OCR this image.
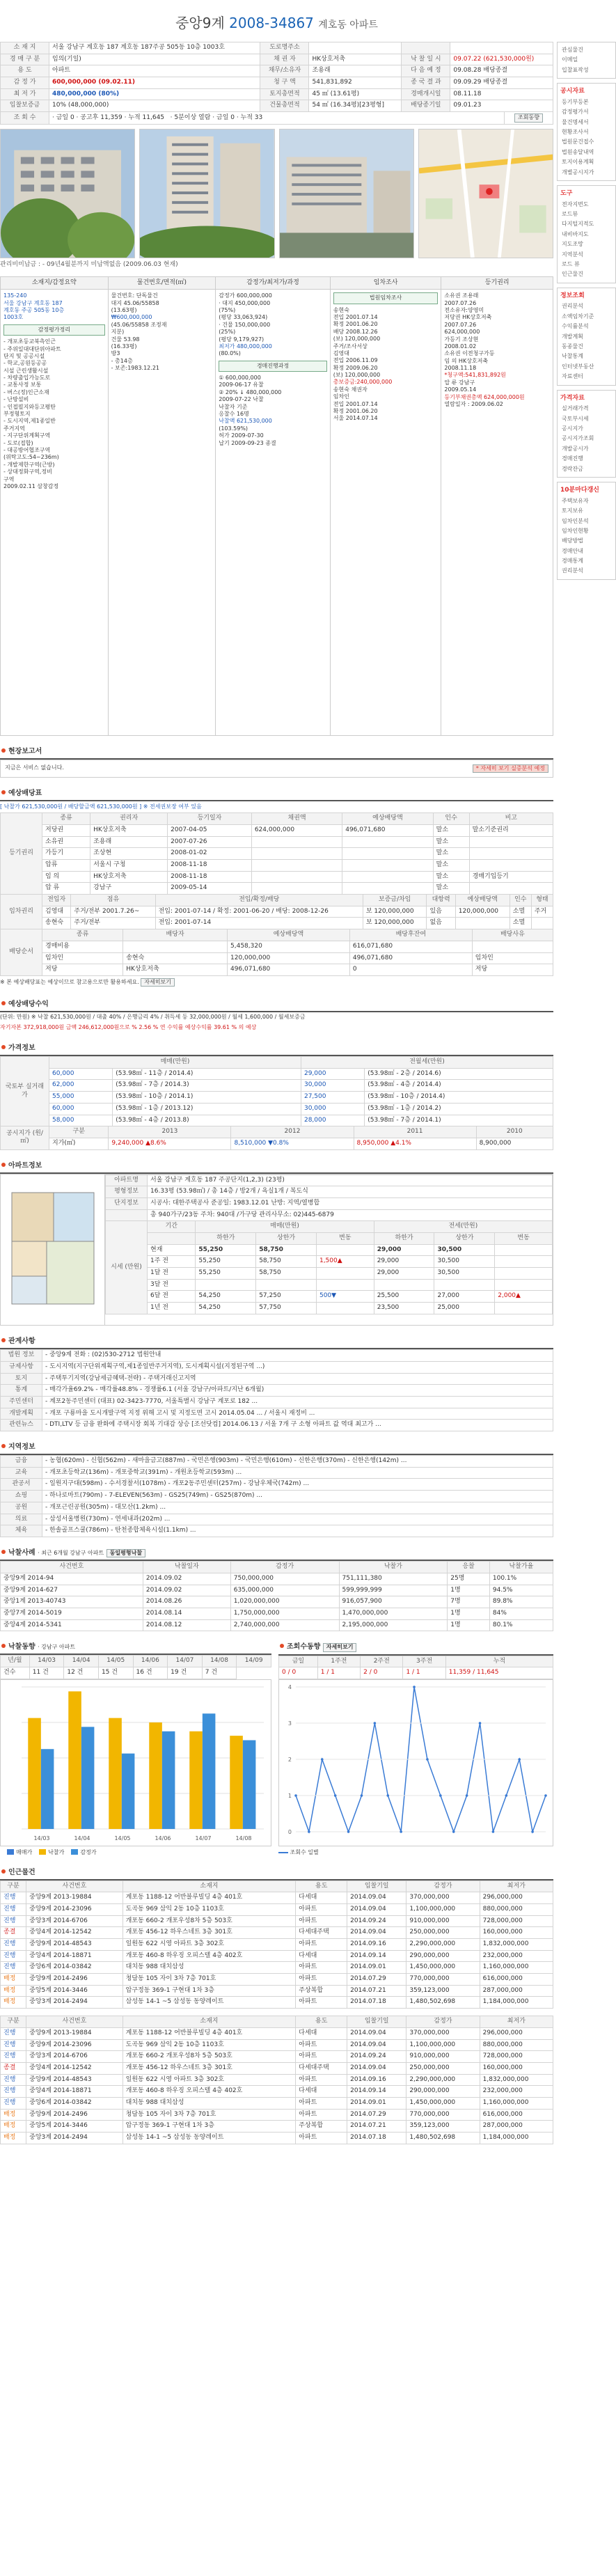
중앙9계 2008-34867 계호동 아파트
소 재 지	서울 강남구 계호동 187 계호동 187주공 505동 10층 1003호	도로명주소			
경 매 구 분	임의(기일)	채 권 자	HK상호저축	낙 찰 일 시	09.07.22 (621,530,000원)
용 도	아파트	채무/소유자	조용래	다 음 예 정	09.08.28 배당종결
감 정 가	600,000,000 (09.02.11)	청 구 액	541,831,892	종 국 결 과	09.09.29 배당종결
최 저 가	480,000,000 (80%)	토지총면적	45 ㎡ (13.61평)	경매개시일	08.11.18
입찰보증금	10% (48,000,000)	건물총면적	54 ㎡ (16.34평)[23평형]	배당종기일	09.01.23
조 회 수	· 금일 0 · 공고후 11,359 · 누적 11,645 · 5분이상 열람 · 금일 0 · 누적 33	조회동향
관리비미납금 : - 09년4월분까지 미납액없음 (2009.06.03 현재)
소재지/감정요약
135-240
서울 강남구 계호동 187
계호동 주공 505동 10층
1003호
감정평가정리
- 개포초등교북측인근
- 주위일대대단위아파트
단지 및 공공시설
- 학교,공원등공공
시설 근린생활시설
- 차량출입가능도로
- 교통사정 보통
- 버스(정)인근소재
- 난방설비
- 인접필지와등고평탄
부정형토지
- 도시지역,제1종일반
주거지역
- 지구단위계획구역
- 도로(접합)
- 대공방어협조구역
(위탁고도:54~236m)
- 개발제한구역(근방)
- 상대정화구역,정비
구역
2009.02.11 삼창감정
물건번호/면적(㎡)
물건번호: 단독물건
대지 45.06/55858
(13.63평)
₩600,000,000
(45.06/55858 조정재
지분)
건물 53.98
(16.33평)
방3
- 총14층
- 보존:1983.12.21
감정가/최저가/과정
감정가 600,000,000
· 대지 450,000,000
(75%)
(평당 33,063,924)
· 건물 150,000,000
(25%)
(평당 9,179,927)
최저가 480,000,000
(80.0%)
경매진행과정
① 600,000,000
2009-06-17 유찰
② 20% ↓ 480,000,000
2009-07-22 낙찰
낙찰자 기준
응찰수 16명
낙찰액 621,530,000
(103.59%)
허가 2009-07-30
납기 2009-09-23 종결
임차조사
법원임차조사
송현숙
전입 2001.07.14
확정 2001.06.20
배당 2008.12.26
(보) 120,000,000
주거/조사서상
김영대
전입 2006.11.09
확정 2009.06.20
(보) 120,000,000
총보증금:240,000,000
송현숙 채권자
임차인
전입 2001.07.14
확정 2001.06.20
서울 2014.07.14
등기권리
소유권 조용래
2007.07.26
전소유자:양영미
저당권 HK상호저축
2007.07.26
624,000,000
가등기 조상현
2008.01.02
소유권 이전청구가등
임 의 HK상호저축
2008.11.18
*청구액:541,831,892원
압 류 강남구
2009.05.14
등기부채권총액 624,000,000원
열람일자 : 2009.06.02
현장보고서
지금은 서비스 없습니다.	* 자세히 보기 실증분석 예정
예상배당표
[ 낙찰가 621,530,000원 / 배당할금액 621,530,000원 ] ※ 전세권보장 여부 있음
등기권리	종류	권리자	등기일자	채권액	예상배당액	인수	비고
	저당권	HK상호저축	2007-04-05	624,000,000	496,071,680	말소	말소기준권리
	소유권	조용래	2007-07-26			말소	
	가등기	조상현	2008-01-02			말소	
	압류	서울시 구청	2008-11-18			말소	
	임 의	HK상호저축	2008-11-18			말소	경매기입등기
	압 류	강남구	2009-05-14			말소	
임차권리	전입자	점유	전입/확정/배당	보증금/차임	대항력	예상배당액	인수	형태
	김영대	주거/전부 2001.7.26~	전입: 2001-07-14 / 확정: 2001-06-20 / 배당: 2008-12-26	보 120,000,000	있음	120,000,000	소멸	주거
	송현숙	주거/전부	전입: 2001-07-14	보 120,000,000	없음		소멸	
배당순서	종류	배당자	예상배당액	배당후잔여	배당사유
	경매비용		5,458,320	616,071,680	
	임차인	송현숙	120,000,000	496,071,680	임차인
	저당	HK상호저축	496,071,680	0	저당
※ 본 예상배당표는 예상이므로 참고용으로만 활용하세요. 자세히보기
예상배당수익
(단위: 만원) ※ 낙찰 621,530,000원 / 대출 40% / 은행금리 4% / 취득세 등 32,000,000원 / 월세 1,600,000 / 월세보증금
자기자본 372,918,000원 금액 246,612,000원으로 % 2.56 % 연 수익률 예상수익률 39.61 % 의 예상
가격정보
국토부 실거래가	매매(만원)		전월세(만원)	
	60,000	(53.98㎡ - 11층 / 2014.4)	29,000	(53.98㎡ - 2층 / 2014.6)
	62,000	(53.98㎡ - 7층 / 2014.3)	30,000	(53.98㎡ - 4층 / 2014.4)
	55,000	(53.98㎡ - 10층 / 2014.1)	27,500	(53.98㎡ - 10층 / 2014.4)
	60,000	(53.98㎡ - 1층 / 2013.12)	30,000	(53.98㎡ - 1층 / 2014.2)
	58,000	(53.98㎡ - 4층 / 2013.8)	28,000	(53.98㎡ - 7층 / 2014.1)
공시지가 (원/㎡)	구분	2013	2012	2011	2010
	지가(㎡)	9,240,000 ▲8.6%	8,510,000 ▼0.8%	8,950,000 ▲4.1%	8,900,000
아파트정보
아파트명	서울 강남구 계호동 187 주공단지(1,2,3) (23평)
평형정보	16.33평 (53.98㎡) / 총 14층 / 방2개 / 욕실1개 / 복도식
단지정보	시공사: 대한주택공사 준공일: 1983.12.01 난방: 지역/열병합
	총 940가구/23동 주차: 940대 /가구당 관리사무소: 02)445-6879
시세 (만원)	기간	매매(만원)			전세(만원)		
		하한가	상한가	변동	하한가	상한가	변동
	현재	55,250	58,750		29,000	30,500	
	1주 전	55,250	58,750	1,500▲	29,000	30,500	
	1달 전	55,250	58,750		29,000	30,500	
	3달 전						
	6달 전	54,250	57,250	500▼	25,500	27,000	2,000▲
	1년 전	54,250	57,750		23,500	25,000	
관계사항
법원 정보	- 중앙9계 전화 : (02)530-2712 법원안내
규제사항	- 도시지역(지구단위계획구역,제1종일반주거지역), 도시계획시설(지정된구역 ...)
토지	- 주택투기지역(강남세금혜택-전략) - 주택거래신고지역
통계	- 매각가율69.2% - 매각률48.8% - 경쟁률6.1 (서울 강남구/아파트/지난 6개월)
주민센터	- 계포2동주민센터 (대표) 02-3423-7770, 서울특별시 강남구 계포로 182 ...
개발계획	- 개포 구룡마을 도시개발구역 지정 위해 고시 및 지정도면 고시 2014.05.04 ... / 서울시 재정비 ...
관련뉴스	- DTI,LTV 등 금융 완화에 주택시장 회복 기대감 상승 [조선닷컴] 2014.06.13 / 서울 7개 구 소형 아파트 값 역대 최고가 ...
지역정보
금융	- 농협(620m) - 신협(562m) - 새마을금고(887m) - 국민은행(903m) - 국민은행(610m) - 신한은행(370m) - 신한은행(142m) ...
교육	- 개포초등학교(136m) - 개포중학교(391m) - 개원초등학교(593m) ...
관공서	- 일원지구대(598m) - 수서경찰서(1078m) - 개포2동주민센터(257m) - 강남우체국(742m) ...
쇼핑	- 하나로마트(790m) - 7-ELEVEN(563m) - GS25(749m) - GS25(870m) ...
공원	- 개포근린공원(305m) - 대모산(1.2km) ...
의료	- 삼성서울병원(730m) - 연세내과(202m) ...
체육	- 한솔골프스쿨(786m) - 탄천종합체육시설(1.1km) ...
낙찰사례 · 최근 6개월 강남구 아파트 동일평형낙찰
사건번호	낙찰일자	감정가	낙찰가	응찰	낙찰가율
중앙9계 2014-94	2014.09.02	750,000,000	751,111,380	25명	100.1%
중앙9계 2014-627	2014.09.02	635,000,000	599,999,999	1명	94.5%
중앙1계 2013-40743	2014.08.26	1,020,000,000	916,057,900	7명	89.8%
중앙7계 2014-5019	2014.08.14	1,750,000,000	1,470,000,000	1명	84%
중앙4계 2014-5341	2014.08.12	2,740,000,000	2,195,000,000	1명	80.1%
낙찰동향 · 강남구 아파트
년/월	14/03	14/04	14/05	14/06	14/07	14/08	14/09
건수	11 건	12 건	15 건	16 건	19 건	7 건	
14/03	14/04	14/05	14/06	14/07	14/08
매매가	낙찰가	감정가
조회수동향 자세히보기
금일	1주전	2주전	3주전	누적
0 / 0	1 / 1	2 / 0	1 / 1	11,359 / 11,645
0
1
2
3
4
조회수 일별
인근물건
구분	사건번호	소재지	용도	입찰기일	감정가	최저가
진행	중앙9계 2013-19884	계포동 1188-12 어반블루빌딩 4층 401호	다세대	2014.09.04	370,000,000	296,000,000
진행	중앙9계 2014-23096	도곡동 969 삼익 2동 10층 1103호	아파트	2014.09.04	1,100,000,000	880,000,000
진행	중앙3계 2014-6706	개포동 660-2 개포우성8차 5층 503호	아파트	2014.09.24	910,000,000	728,000,000
종결	중앙4계 2014-12542	개포동 456-12 하우스네트 3층 301호	다세대주택	2014.09.04	250,000,000	160,000,000
진행	중앙9계 2014-48543	일원동 622 시영 아파트 3층 302호	아파트	2014.09.16	2,290,000,000	1,832,000,000
진행	중앙4계 2014-18871	개포동 460-8 하우징 오피스텔 4층 402호	다세대	2014.09.14	290,000,000	232,000,000
진행	중앙6계 2014-03842	대치동 988 대치삼성	아파트	2014.09.01	1,450,000,000	1,160,000,000
배정	중앙9계 2014-2496	청담동 105 자이 3차 7층 701호	아파트	2014.07.29	770,000,000	616,000,000
배정	중앙5계 2014-3446	압구정동 369-1 구현대 1차 3층	주상복합	2014.07.21	359,123,000	287,000,000
배정	중앙3계 2014-2494	삼성동 14-1 ~5 삼성동 동양레이트	아파트	2014.07.18	1,480,502,698	1,184,000,000
구분	사건번호	소재지	용도	입찰기일	감정가	최저가
진행	중앙9계 2013-19884	계포동 1188-12 어반블루빌딩 4층 401호	다세대	2014.09.04	370,000,000	296,000,000
진행	중앙9계 2014-23096	도곡동 969 삼익 2동 10층 1103호	아파트	2014.09.04	1,100,000,000	880,000,000
진행	중앙3계 2014-6706	개포동 660-2 개포우성8차 5층 503호	아파트	2014.09.24	910,000,000	728,000,000
종결	중앙4계 2014-12542	개포동 456-12 하우스네트 3층 301호	다세대주택	2014.09.04	250,000,000	160,000,000
진행	중앙9계 2014-48543	일원동 622 시영 아파트 3층 302호	아파트	2014.09.16	2,290,000,000	1,832,000,000
진행	중앙4계 2014-18871	개포동 460-8 하우징 오피스텔 4층 402호	다세대	2014.09.14	290,000,000	232,000,000
진행	중앙6계 2014-03842	대치동 988 대치삼성	아파트	2014.09.01	1,450,000,000	1,160,000,000
배정	중앙9계 2014-2496	청담동 105 자이 3차 7층 701호	아파트	2014.07.29	770,000,000	616,000,000
배정	중앙5계 2014-3446	압구정동 369-1 구현대 1차 3층	주상복합	2014.07.21	359,123,000	287,000,000
배정	중앙3계 2014-2494	삼성동 14-1 ~5 삼성동 동양레이트	아파트	2014.07.18	1,480,502,698	1,184,000,000
관심물건
이메일
입찰표작성
공시자료
등기부등본
감정평가서
물건명세서
현황조사서
법원문건접수
법원송달내역
토지이용계획
개별공시지가
도구
전자지번도
로드뷰
다지털지적도
내비바지도
지도조망
지역분석
로드 뷰
인근물건
정보조회
권리분석
소액임차기준
수익률분석
개발계획
동종물건
낙찰통계
인터넷부동산
자료센터
가격자료
실거래가격
국토부시세
공시지가
공시지가조회
개발공시가
경매진행
경락잔금
10분마다갱신
주택보유자
토지보유
임차인분석
임차인현황
배당방법
경매안내
경매통계
권리분석
